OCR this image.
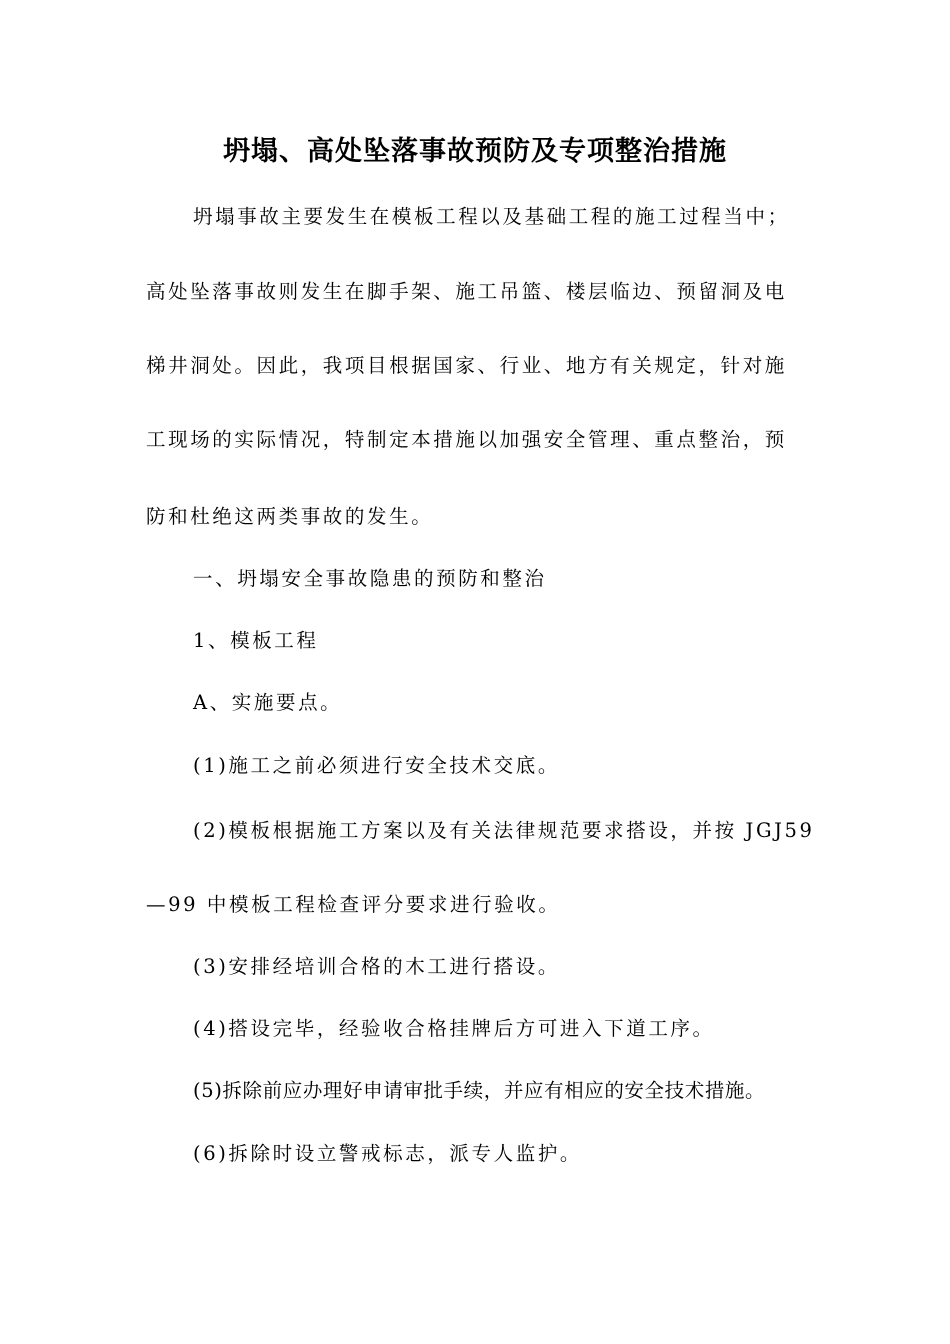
坍塌、高处坠落事故预防及专项整治措施
坍塌事故主要发生在模板工程以及基础工程的施工过程当中；
高处坠落事故则发生在脚手架、施工吊篮、楼层临边、预留洞及电
梯井洞处。因此，我项目根据国家、行业、地方有关规定，针对施
工现场的实际情况，特制定本措施以加强安全管理、重点整治，预
防和杜绝这两类事故的发生。
一、坍塌安全事故隐患的预防和整治
1、模板工程
A、实施要点。
(1)施工之前必须进行安全技术交底。
(2)模板根据施工方案以及有关法律规范要求搭设，并按 JGJ59
—99 中模板工程检查评分要求进行验收。
(3)安排经培训合格的木工进行搭设。
(4)搭设完毕，经验收合格挂牌后方可进入下道工序。
(5)拆除前应办理好申请审批手续，并应有相应的安全技术措施。
(6)拆除时设立警戒标志，派专人监护。
